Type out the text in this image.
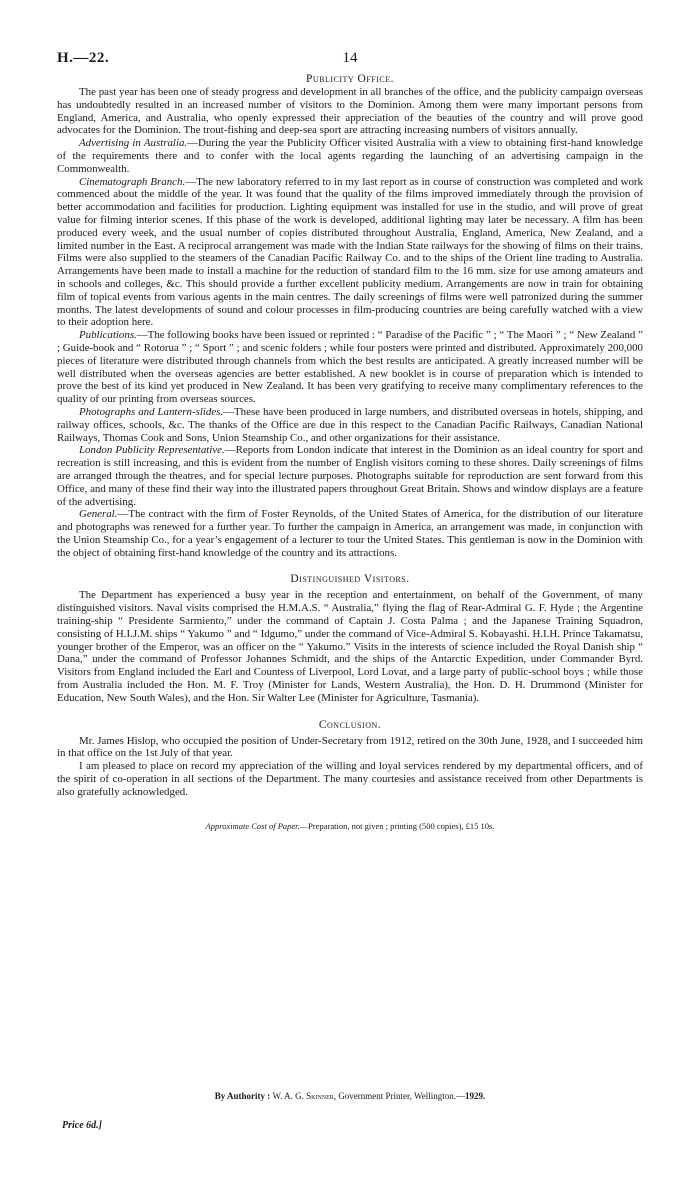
H.—22.	14
Publicity Office.

The past year has been one of steady progress and development in all branches of the office, and the publicity campaign overseas has undoubtedly resulted in an increased number of visitors to the Dominion. Among them were many important persons from England, America, and Australia, who openly expressed their appreciation of the beauties of the country and will prove good advocates for the Dominion. The trout-fishing and deep-sea sport are attracting increasing numbers of visitors annually.

Advertising in Australia.—During the year the Publicity Officer visited Australia with a view to obtaining first-hand knowledge of the requirements there and to confer with the local agents regarding the launching of an advertising campaign in the Commonwealth.

Cinematograph Branch.—The new laboratory referred to in my last report as in course of construction was completed and work commenced about the middle of the year. It was found that the quality of the films improved immediately through the provision of better accommodation and facilities for production. Lighting equipment was installed for use in the studio, and will prove of great value for filming interior scenes. If this phase of the work is developed, additional lighting may later be necessary. A film has been produced every week, and the usual number of copies distributed throughout Australia, England, America, New Zealand, and a limited number in the East. A reciprocal arrangement was made with the Indian State railways for the showing of films on their trains. Films were also supplied to the steamers of the Canadian Pacific Railway Co. and to the ships of the Orient line trading to Australia. Arrangements have been made to install a machine for the reduction of standard film to the 16 mm. size for use among amateurs and in schools and colleges, &c. This should provide a further excellent publicity medium. Arrangements are now in train for obtaining film of topical events from various agents in the main centres. The daily screenings of films were well patronized during the summer months. The latest developments of sound and colour processes in film-producing countries are being carefully watched with a view to their adoption here.

Publications.—The following books have been issued or reprinted : “ Paradise of the Pacific ” ; “ The Maori ” ; “ New Zealand ” ; Guide-book and “ Rotorua ” ; “ Sport ” ; and scenic folders ; while four posters were printed and distributed. Approximately 200,000 pieces of literature were distributed through channels from which the best results are anticipated. A greatly increased number will be well distributed when the overseas agencies are better established. A new booklet is in course of preparation which is intended to prove the best of its kind yet produced in New Zealand. It has been very gratifying to receive many complimentary references to the quality of our printing from overseas sources.

Photographs and Lantern-slides.—These have been produced in large numbers, and distributed overseas in hotels, shipping, and railway offices, schools, &c. The thanks of the Office are due in this respect to the Canadian Pacific Railways, Canadian National Railways, Thomas Cook and Sons, Union Steamship Co., and other organizations for their assistance.

London Publicity Representative.—Reports from London indicate that interest in the Dominion as an ideal country for sport and recreation is still increasing, and this is evident from the number of English visitors coming to these shores. Daily screenings of films are arranged through the theatres, and for special lecture purposes. Photographs suitable for reproduction are sent forward from this Office, and many of these find their way into the illustrated papers throughout Great Britain. Shows and window displays are a feature of the advertising.

General.—The contract with the firm of Foster Reynolds, of the United States of America, for the distribution of our literature and photographs was renewed for a further year. To further the campaign in America, an arrangement was made, in conjunction with the Union Steamship Co., for a year’s engagement of a lecturer to tour the United States. This gentleman is now in the Dominion with the object of obtaining first-hand knowledge of the country and its attractions.

Distinguished Visitors.

The Department has experienced a busy year in the reception and entertainment, on behalf of the Government, of many distinguished visitors. Naval visits comprised the H.M.A.S. “ Australia,” flying the flag of Rear-Admiral G. F. Hyde ; the Argentine training-ship “ Presidente Sarmiento,” under the command of Captain J. Costa Palma ; and the Japanese Training Squadron, consisting of H.I.J.M. ships “ Yakumo ” and “ Idgumo,” under the command of Vice-Admiral S. Kobayashi. H.I.H. Prince Takamatsu, younger brother of the Emperor, was an officer on the “ Yakumo.” Visits in the interests of science included the Royal Danish ship “ Dana,” under the command of Professor Johannes Schmidt, and the ships of the Antarctic Expedition, under Commander Byrd. Visitors from England included the Earl and Countess of Liverpool, Lord Lovat, and a large party of public-school boys ; while those from Australia included the Hon. M. F. Troy (Minister for Lands, Western Australia), the Hon. D. H. Drummond (Minister for Education, New South Wales), and the Hon. Sir Walter Lee (Minister for Agriculture, Tasmania).

Conclusion.

Mr. James Hislop, who occupied the position of Under-Secretary from 1912, retired on the 30th June, 1928, and I succeeded him in that office on the 1st July of that year.

I am pleased to place on record my appreciation of the willing and loyal services rendered by my departmental officers, and of the spirit of co-operation in all sections of the Department. The many courtesies and assistance received from other Departments is also gratefully acknowledged.

Approximate Cost of Paper.—Preparation, not given ; printing (500 copies), £15 10s.

By Authority : W. A. G. Skinner, Government Printer, Wellington.—1929.
Price 6d.]
